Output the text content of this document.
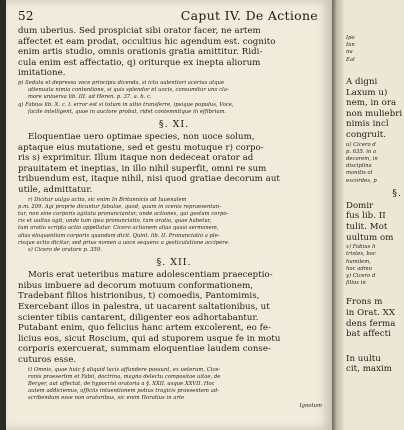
52	Caput IV. De Actione
dum uberius. Sed prospiciat sibi orator facer, ne artem
affectet et eam prodat, occultius hic agendum est. cognito
enim artis studio, omnis orationis gratia amittitur. Ridi-
cula enim est affectatio, q) oriturque ex inepta aliorum
imitatione.
p) Sedata et depressa voce principia dicenda, si ictu ualentiori acerius atque
attenuata nimia contentione, si quis splendor et uocis, consumitur uno cla-
more uniuersa lib. III. ad Heren. p. 37. a. b. c.
q) Fabius lib. X. c. I. error est si totum in uitio transferre, ipsique populus, Voce,
facile intelligent, quae in auctore probat, ridet contemnitque in effibrium.
§. XI.
Eloquentiae uero optimae species, non uoce solum,
aptaque eius mutatione, sed et gestu motuque r) corpo-
ris s) exprimitur. Illum itaque non dedeceat orator ad
prauitatem et ineptias, in illo nihil superfit, omni re sum
tribuendum est, itaque nihil, nisi quod gratiae decorum aut
utile, admittatur.
r) Dicitur uulgo actio, sic enim In Britannicis ad Iuuenalem
p.m. 209. Agi proprie dicuntur fabulae, quod, quum in scenis repraesentan-
tur, non sine corporis agitatu pronunciantur, unde actiones, qui gestum corpo-
ris et uultus agit, unde tum ipsa pronunciatio, tum oratio, quae habetur,
tum oratio scripta actio appellatur. Cicero actionem alias quasi sermonem,
alias eloquentiam corporis quandam dicit. Quint. lib. II. Pronunciatio a ple-
risque actio dicitur, sed prius nomen a uoce sequens a gesticulatione accipere.
s) Cicero de oratore p. 359.
§. XII.
Moris erat ueteribus mature adolescentiam praeceptio-
nibus imbuere ad decorum motuum conformationem,
Tradebant filios histrionibus, t) comoedis, Pantomimis,
Exercebant illos in palestra, ut uacarent saltationibus, ut
scienter tibiis cantarent, diligenter eos adhortabantur.
Putabant enim, quo felicius hanc artem excolerent, eo fe-
licius eos, sicut Roscium, qui ad stuporem usque fe in motu
corporis exercuerat, summam eloquentiae laudem conse-
cuturos esse.
t) Omnis, quae huic § aliquid lucis affundere possunt, ex ueterum, Cice-
ronis praesertim et Fabii, doctrina, magno delectu compositae uitae, de
Berger, aut affectat, de hypocrisi oratoria a §. XXII. usque XXVII. Hoc
autem addiciemus, officiis intuentionem potius tragicis praesentem ad-
scribendum esse non oratoribus, sic enim Horatius in arte
Ignotum
Ipo
Iun
nu
Eal
A digni
Laxum u)
nem, in ora
non muliebri
nimis incl
congruit.
u) Cicero d
p. 635. in a
decorem, in
disciplina
monitis ol
excordes, p
§.
Domir
fus lib. II
tulit. Mot
uultum om
x) Fabius li
tristes, boc
humilem,
hoc admo
y) Cicero d
filios in
Frons m
in Orat. XX
dens ferma
bat affecti
In uultu
cit, maxim
